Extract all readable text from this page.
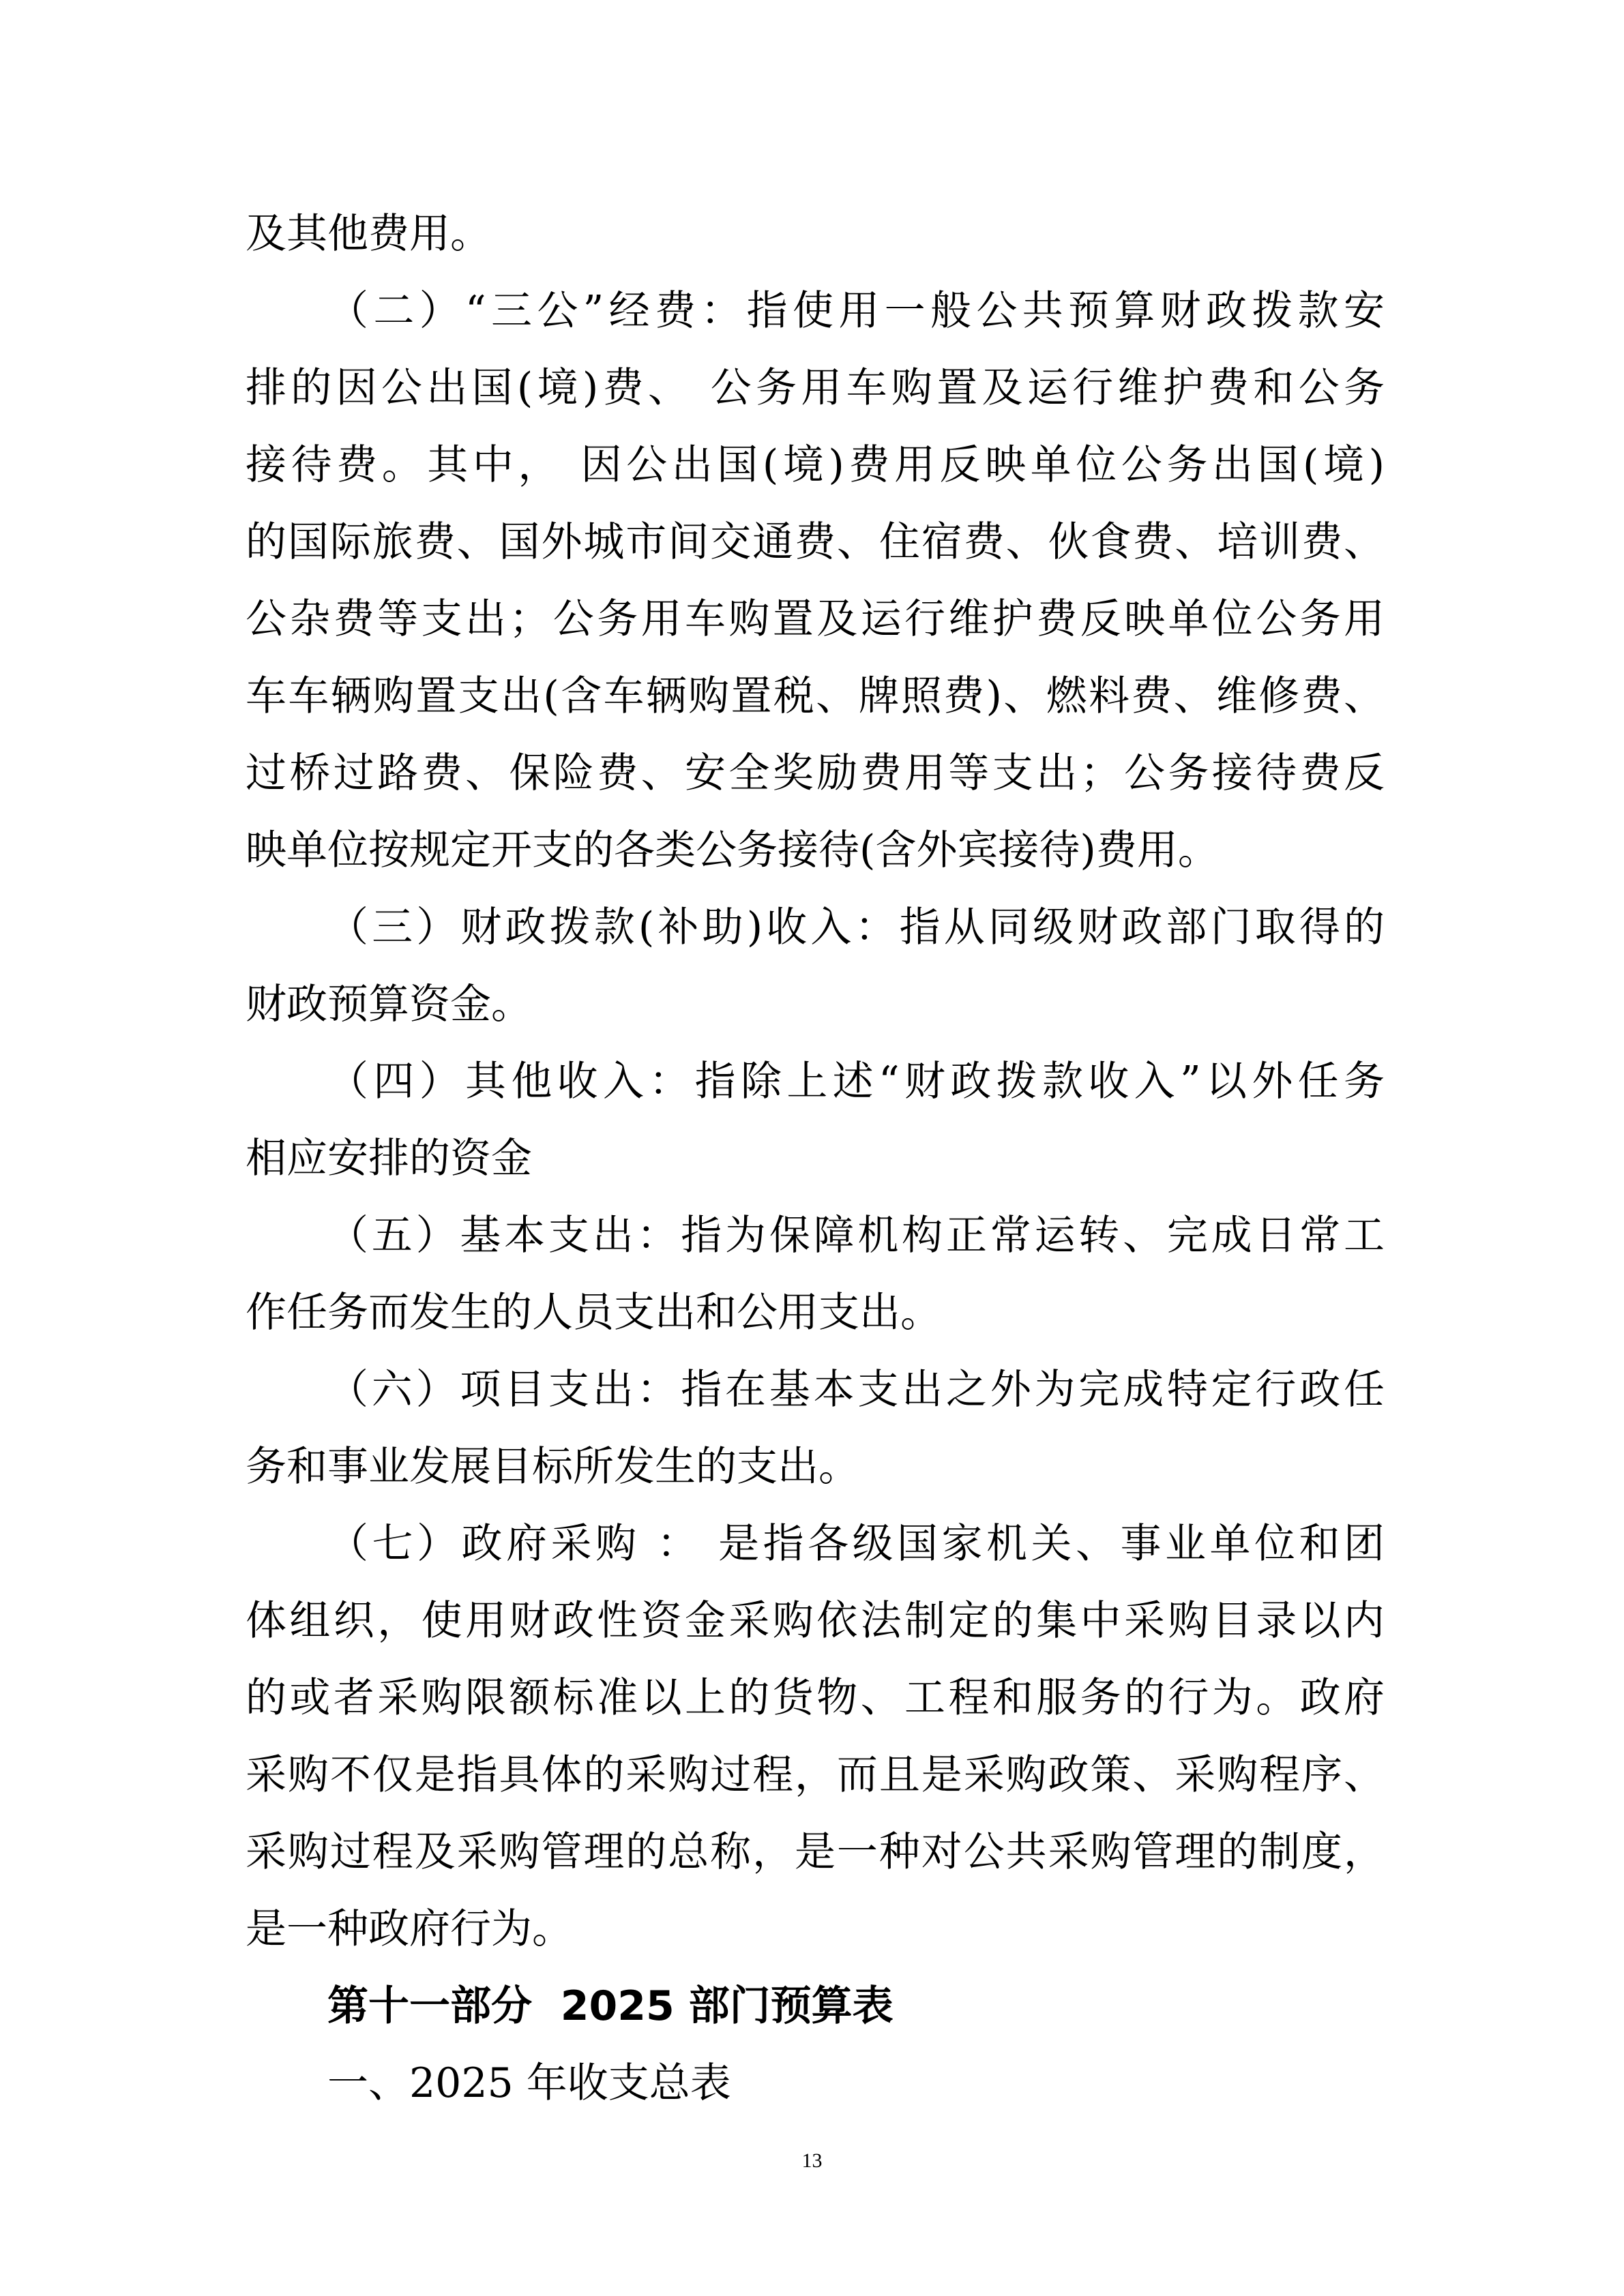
及其他费用。
（二）“三公”经费：指使用一般公共预算财政拨款安
排的因公出国(境)费、 公务用车购置及运行维护费和公务
接待费。其中， 因公出国(境)费用反映单位公务出国(境)
的国际旅费、国外城市间交通费、住宿费、伙食费、培训费、
公杂费等支出；公务用车购置及运行维护费反映单位公务用
车车辆购置支出(含车辆购置税、牌照费)、燃料费、维修费、
过桥过路费、保险费、安全奖励费用等支出；公务接待费反
映单位按规定开支的各类公务接待(含外宾接待)费用。
（三）财政拨款(补助)收入：指从同级财政部门取得的
财政预算资金。
（四）其他收入：指除上述“财政拨款收入”以外任务
相应安排的资金
（五）基本支出：指为保障机构正常运转、完成日常工
作任务而发生的人员支出和公用支出。
（六）项目支出：指在基本支出之外为完成特定行政任
务和事业发展目标所发生的支出。
（七）政府采购 ： 是指各级国家机关、事业单位和团
体组织，使用财政性资金采购依法制定的集中采购目录以内
的或者采购限额标准以上的货物、工程和服务的行为。政府
采购不仅是指具体的采购过程，而且是采购政策、采购程序、
采购过程及采购管理的总称，是一种对公共采购管理的制度，
是一种政府行为。
第十一部分  2025 部门预算表
一、2025 年收支总表
13
